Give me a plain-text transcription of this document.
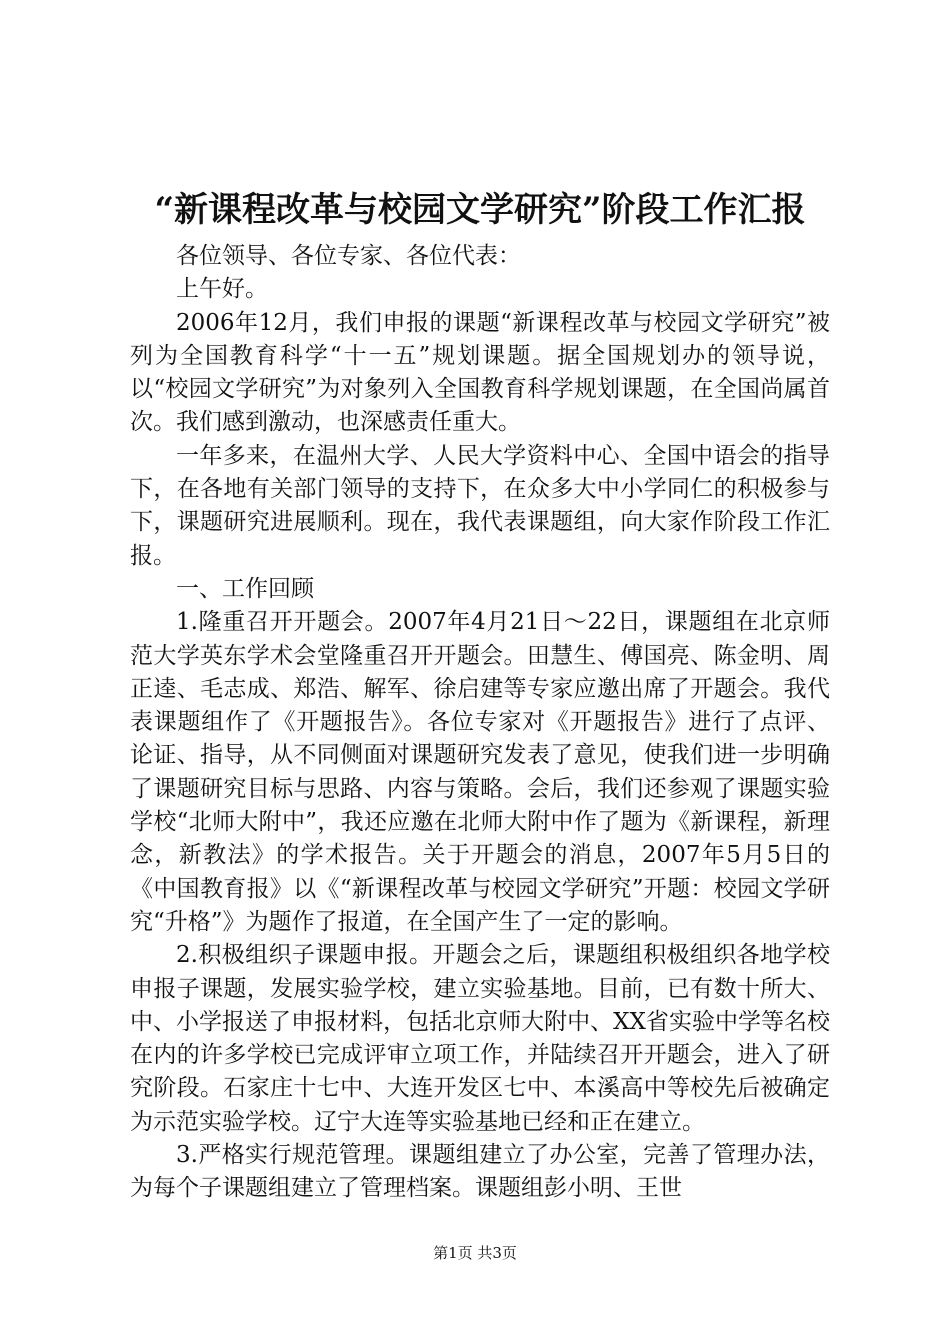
“新课程改革与校园文学研究”阶段工作汇报

各位领导、各位专家、各位代表：

上午好。

2006年12月，我们申报的课题“新课程改革与校园文学研究”被列为全国教育科学“十一五”规划课题。据全国规划办的领导说，以“校园文学研究”为对象列入全国教育科学规划课题，在全国尚属首次。我们感到激动，也深感责任重大。

一年多来，在温州大学、人民大学资料中心、全国中语会的指导下，在各地有关部门领导的支持下，在众多大中小学同仁的积极参与下，课题研究进展顺利。现在，我代表课题组，向大家作阶段工作汇报。

一、工作回顾

1.隆重召开开题会。2007年4月21日～22日，课题组在北京师范大学英东学术会堂隆重召开开题会。田慧生、傅国亮、陈金明、周正逵、毛志成、郑浩、解军、徐启建等专家应邀出席了开题会。我代表课题组作了《开题报告》。各位专家对《开题报告》进行了点评、论证、指导，从不同侧面对课题研究发表了意见，使我们进一步明确了课题研究目标与思路、内容与策略。会后，我们还参观了课题实验学校“北师大附中”，我还应邀在北师大附中作了题为《新课程，新理念，新教法》的学术报告。关于开题会的消息，2007年5月5日的《中国教育报》以《“新课程改革与校园文学研究”开题：校园文学研究“升格”》为题作了报道，在全国产生了一定的影响。

2.积极组织子课题申报。开题会之后，课题组积极组织各地学校申报子课题，发展实验学校，建立实验基地。目前，已有数十所大、中、小学报送了申报材料，包括北京师大附中、XX省实验中学等名校在内的许多学校已完成评审立项工作，并陆续召开开题会，进入了研究阶段。石家庄十七中、大连开发区七中、本溪高中等校先后被确定为示范实验学校。辽宁大连等实验基地已经和正在建立。

3.严格实行规范管理。课题组建立了办公室，完善了管理办法，为每个子课题组建立了管理档案。课题组彭小明、王世

第1页 共3页
